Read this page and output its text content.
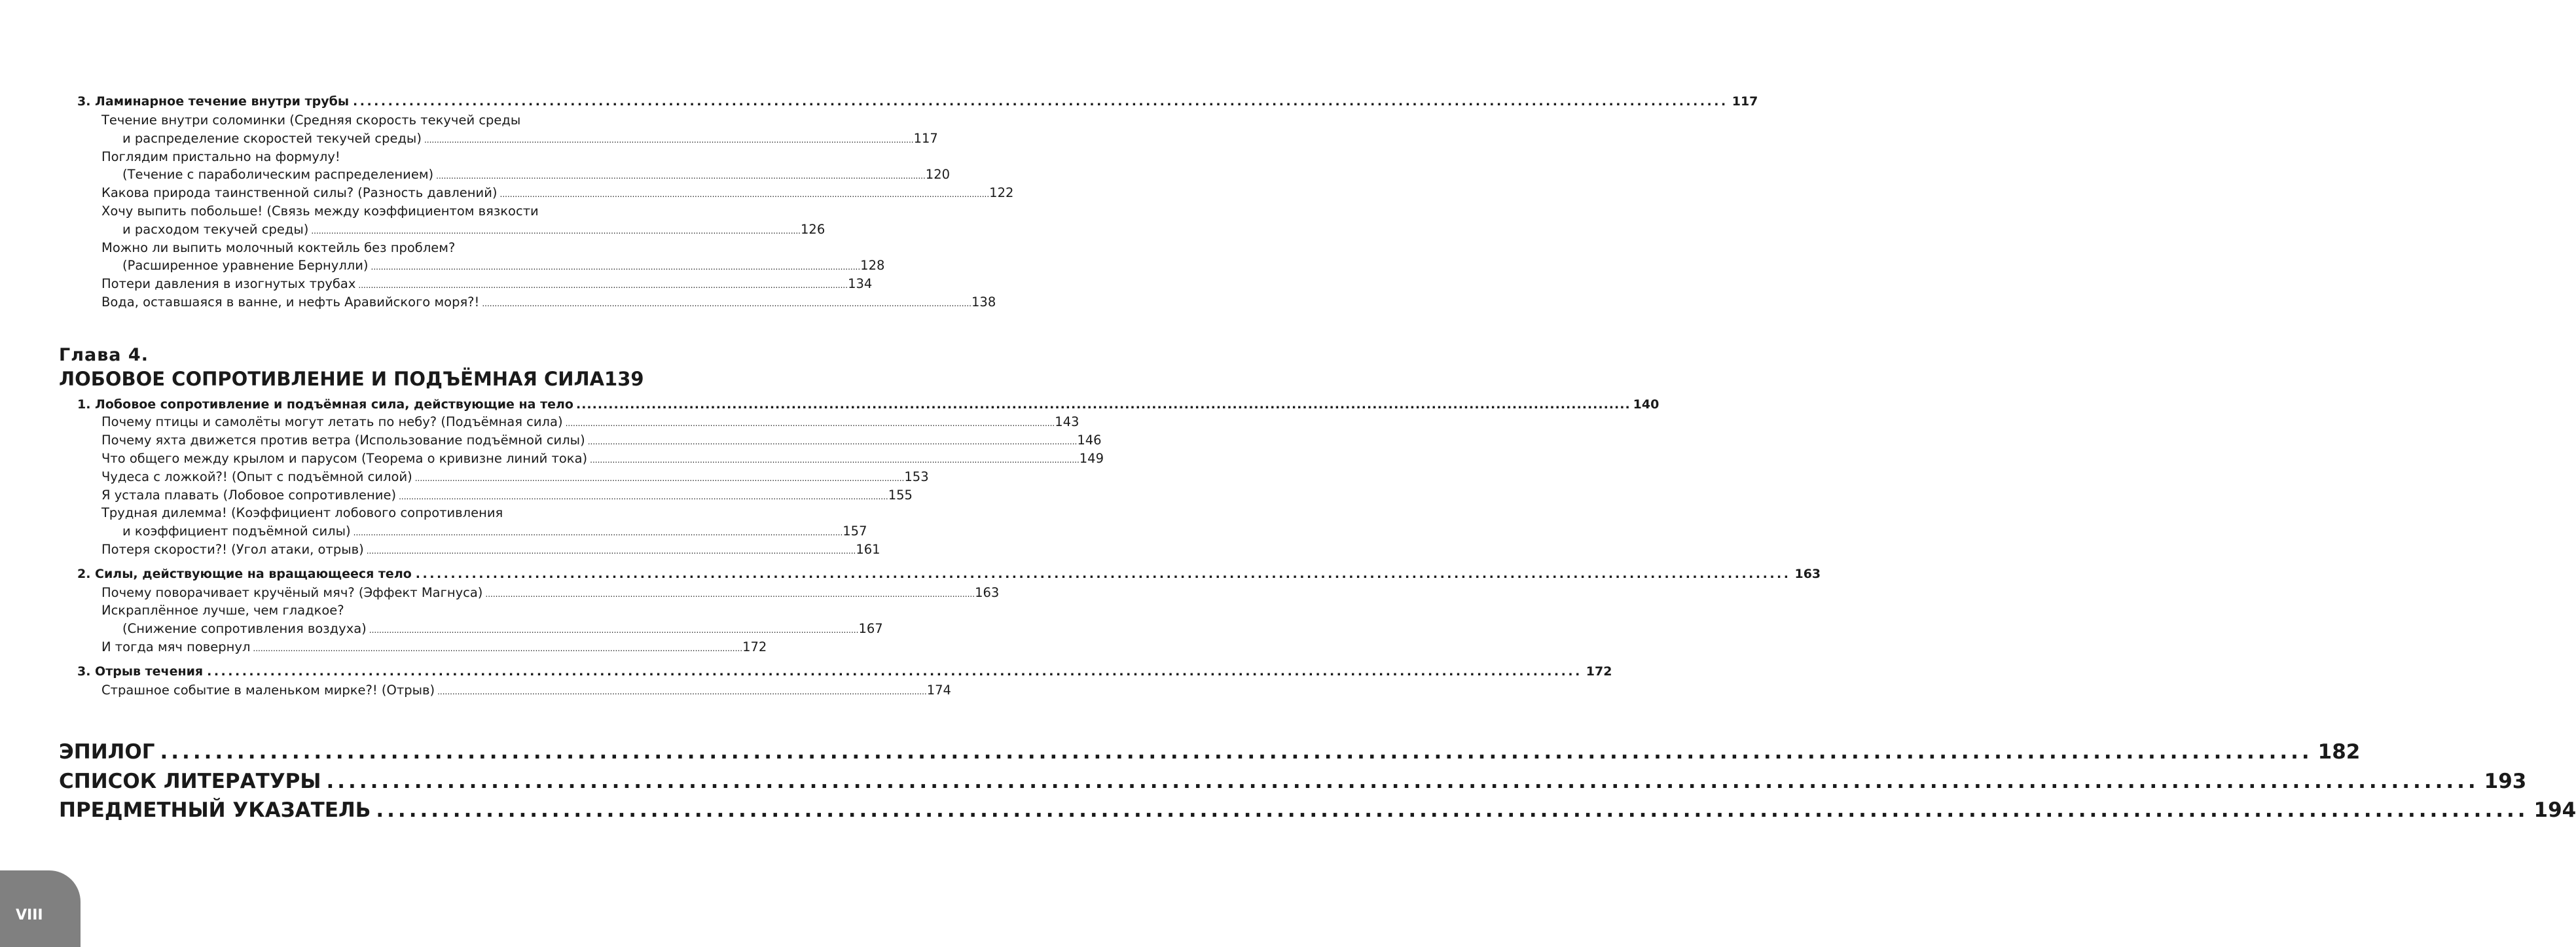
3. Ламинарное течение внутри трубы .................................................................................................................................................................................................... 117
Течение внутри соломинки (Средняя скорость текучей среды
и распределение скоростей текучей среды) .................................................................................................................................................................................................... 117
Поглядим пристально на формулу!
(Течение с параболическим распределением) .................................................................................................................................................................................................... 120
Какова природа таинственной силы? (Разность давлений) .................................................................................................................................................................................................... 122
Хочу выпить побольше! (Связь между коэффициентом вязкости
и расходом текучей среды) .................................................................................................................................................................................................... 126
Можно ли выпить молочный коктейль без проблем?
(Расширенное уравнение Бернулли) .................................................................................................................................................................................................... 128
Потери давления в изогнутых трубах .................................................................................................................................................................................................... 134
Вода, оставшаяся в ванне, и нефть Аравийского моря?! .................................................................................................................................................................................................... 138
Глава 4.
ЛОБОВОЕ СОПРОТИВЛЕНИЕ И ПОДЪЁМНАЯ СИЛА 139
1. Лобовое сопротивление и подъёмная сила, действующие на тело .................................................................................................................................................................................................... 140
Почему птицы и самолёты могут летать по небу? (Подъёмная сила) .................................................................................................................................................................................................... 143
Почему яхта движется против ветра (Использование подъёмной силы) .................................................................................................................................................................................................... 146
Что общего между крылом и парусом (Теорема о кривизне линий тока) .................................................................................................................................................................................................... 149
Чудеса с ложкой?! (Опыт с подъёмной силой) .................................................................................................................................................................................................... 153
Я устала плавать (Лобовое сопротивление) .................................................................................................................................................................................................... 155
Трудная дилемма! (Коэффициент лобового сопротивления
и коэффициент подъёмной силы) .................................................................................................................................................................................................... 157
Потеря скорости?! (Угол атаки, отрыв) .................................................................................................................................................................................................... 161
2. Силы, действующие на вращающееся тело .................................................................................................................................................................................................... 163
Почему поворачивает кручёный мяч? (Эффект Магнуса) .................................................................................................................................................................................................... 163
Искраплённое лучше, чем гладкое?
(Снижение сопротивления воздуха) .................................................................................................................................................................................................... 167
И тогда мяч повернул .................................................................................................................................................................................................... 172
3. Отрыв течения .................................................................................................................................................................................................... 172
Страшное событие в маленьком мирке?! (Отрыв) .................................................................................................................................................................................................... 174
ЭПИЛОГ .................................................................................................................................................................................................... 182
СПИСОК ЛИТЕРАТУРЫ .................................................................................................................................................................................................... 193
ПРЕДМЕТНЫЙ УКАЗАТЕЛЬ .................................................................................................................................................................................................... 194
VIII
